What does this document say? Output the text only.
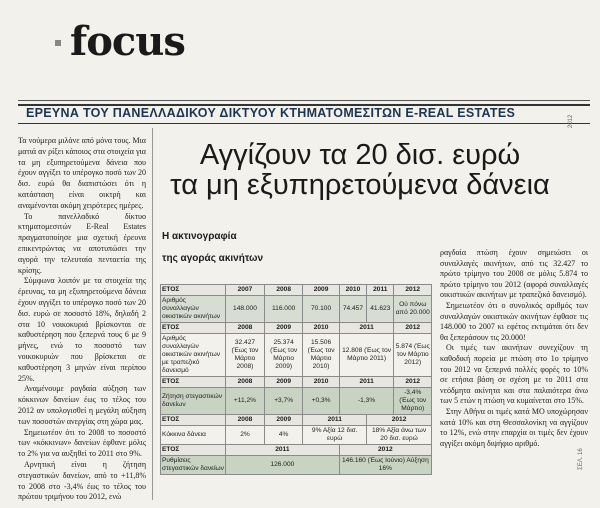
focus
ΕΡΕΥΝΑ ΤΟΥ ΠΑΝΕΛΛΑΔΙΚΟΥ ΔΙΚΤΥΟΥ ΚΤΗΜΑΤΟΜΕΣΙΤΩΝ E-REAL ESTATES

Τα νούμερα μιλάνε από μόνα τους. Μια ματιά αν ρίξει κάποιος στα στοιχεία για τα μη εξυπηρετούμενα δάνεια που έχουν αγγίξει το υπέρογκο ποσό των 20 δισ. ευρώ θα διαπιστώσει ότι η κατάσταση είναι οικτρή και αναμένονται ακόμη χειρότερες ημέρες.

Το πανελλαδικό δίκτυο κτηματομεσιτών E-Real Estates πραγματοποίησε μια σχετική έρευνα επικεντρώντας να αποτυπώσει την αγορά την τελευταία πενταετία της κρίσης.

Σύμφωνα λοιπόν με τα στοιχεία της έρευνας, τα μη εξυπηρετούμενα δάνεια έχουν αγγίξει το υπέρογκο ποσό των 20 δισ. ευρώ σε ποσοστό 18%, δηλαδή 2 στα 10 νοικοκυριά βρίσκονται σε καθυστέρηση που ξεπερνά τους 6 με 9 μήνες, ενώ το ποσοστό των νοικοκυριών που βρίσκεται σε καθυστέρηση 3 μηνών είναι περίπου 25%.

Αναμένουμε ραγδαία αύξηση των κόκκινων δανείων έως το τέλος του 2012 αν υπολογισθεί η μεγάλη αύξηση των ποσοστών ανεργίας στη χώρα μας.

Σημειωτέον ότι το 2008 το ποσοστό των «κόκκινων» δανείων έφθανε μόλις το 2% για να αυξηθεί το 2011 στο 9%.

Αρνητική είναι η ζήτηση στεγαστικών δανείων, από το +11,8% το 2008 στο -3,4% έως το τέλος του πρώτου τριμήνου του 2012, ενώ

Αγγίζουν τα 20 δισ. ευρώ
τα μη εξυπηρετούμενα δάνεια
Η ακτινογραφία
της αγοράς ακινήτων
ΕΤΟΣ	2007	2008	2009	2010	2011	2012
Αριθμός συναλλαγών οικιστικών ακινήτων	148.000	116.000	70.100	74.457	41.623	Ού πόνω από 20.000
ΕΤΟΣ	2008	2009	2010	2011		2012
Αριθμός συναλλαγών οικιστικών ακινήτων με τραπεζικό δανεισμό	32.427 (Έως τον Μάρτιο 2008)	25.374 (Έως τον Μάρτιο 2009)	15.506 (Έως τον Μάρτιο 2010)	12.808 (Έως τον Μάρτιο 2011)		5.874 (Έως τον Μάρτιο 2012)
ΕΤΟΣ	2008	2009	2010	2011		2012
Ζήτηση στεγαστικών δανείων	+11,2%	+3,7%	+0,3%	-1,3%		-3,4% (Έως τον Μάρτιο)
ΕΤΟΣ	2008	2009	2011		2012	
Κόκκινα δάνεια	2%	4%	9% Αξία 12 δισ. ευρώ		18% Αξία άνω των 20 δισ. ευρώ	
ΕΤΟΣ	2011			2012		
Ρυθμίσεις στεγαστικών δανείων	126.000			146.160 (Έως Ιούνιο) Αύξηση 16%		

ραγδαία πτώση έχουν σημειώσει οι συναλλαγές ακινήτων, από τις 32.427 το πρώτο τρίμηνο του 2008 σε μόλις 5.874 το πρώτο τρίμηνο του 2012 (αφορά συναλλαγές οικιστικών ακινήτων με τραπεζικό δανεισμό).

Σημειωτέον ότι ο συνολικός αριθμός των συναλλαγών οικιστικών ακινήτων έφθασε τις 148.000 το 2007 κι εφέτος εκτιμάται ότι δεν θα ξεπεράσουν τις 20.000!

Οι τιμές των ακινήτων συνεχίζουν τη καθοδική πορεία με πτώση στο 1ο τρίμηνο του 2012 να ξεπερνά πολλές φορές το 10% σε ετήσια βάση σε σχέση με το 2011 στα νεόδμητα ακίνητα και στα παλαιότερα άνω των 5 ετών η πτώση να κυμαίνεται στο 15%.

Στην Αθήνα οι τιμές κατά ΜΟ υποχώρησαν κατά 10% και στη Θεσσαλονίκη να αγγίζουν το 12%, ενώ στην επαρχία οι τιμές δεν έχουν αγγίξει ακόμη διψήφιο αριθμό.

2012
ΣΕΛ. 16
